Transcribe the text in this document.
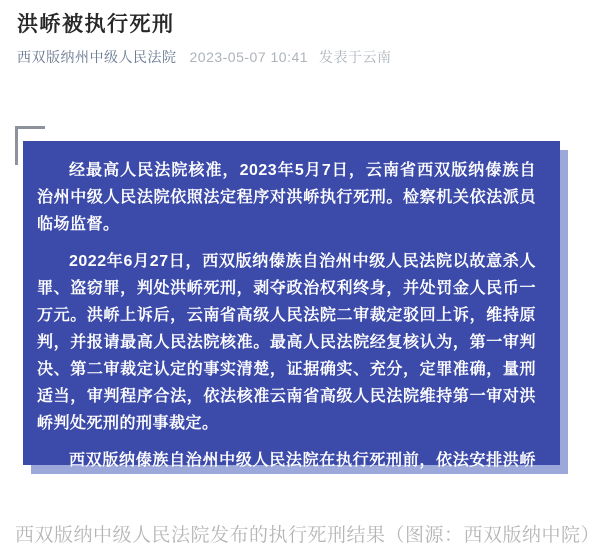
洪峤被执行死刑
西双版纳州中级人民法院 2023-05-07 10:41 发表于云南

经最高人民法院核准，2023年5月7日，云南省西双版纳傣族自治州中级人民法院依照法定程序对洪峤执行死刑。检察机关依法派员临场监督。

2022年6月27日，西双版纳傣族自治州中级人民法院以故意杀人罪、盗窃罪，判处洪峤死刑，剥夺政治权利终身，并处罚金人民币一万元。洪峤上诉后，云南省高级人民法院二审裁定驳回上诉，维持原判，并报请最高人民法院核准。最高人民法院经复核认为，第一审判决、第二审裁定认定的事实清楚，证据确实、充分，定罪准确，量刑适当，审判程序合法，依法核准云南省高级人民法院维持第一审对洪峤判处死刑的刑事裁定。

西双版纳傣族自治州中级人民法院在执行死刑前，依法安排洪峤会见了近亲属，充分保障了被执行罪犯的合法权利。

西双版纳中级人民法院发布的执行死刑结果（图源：西双版纳中院）
